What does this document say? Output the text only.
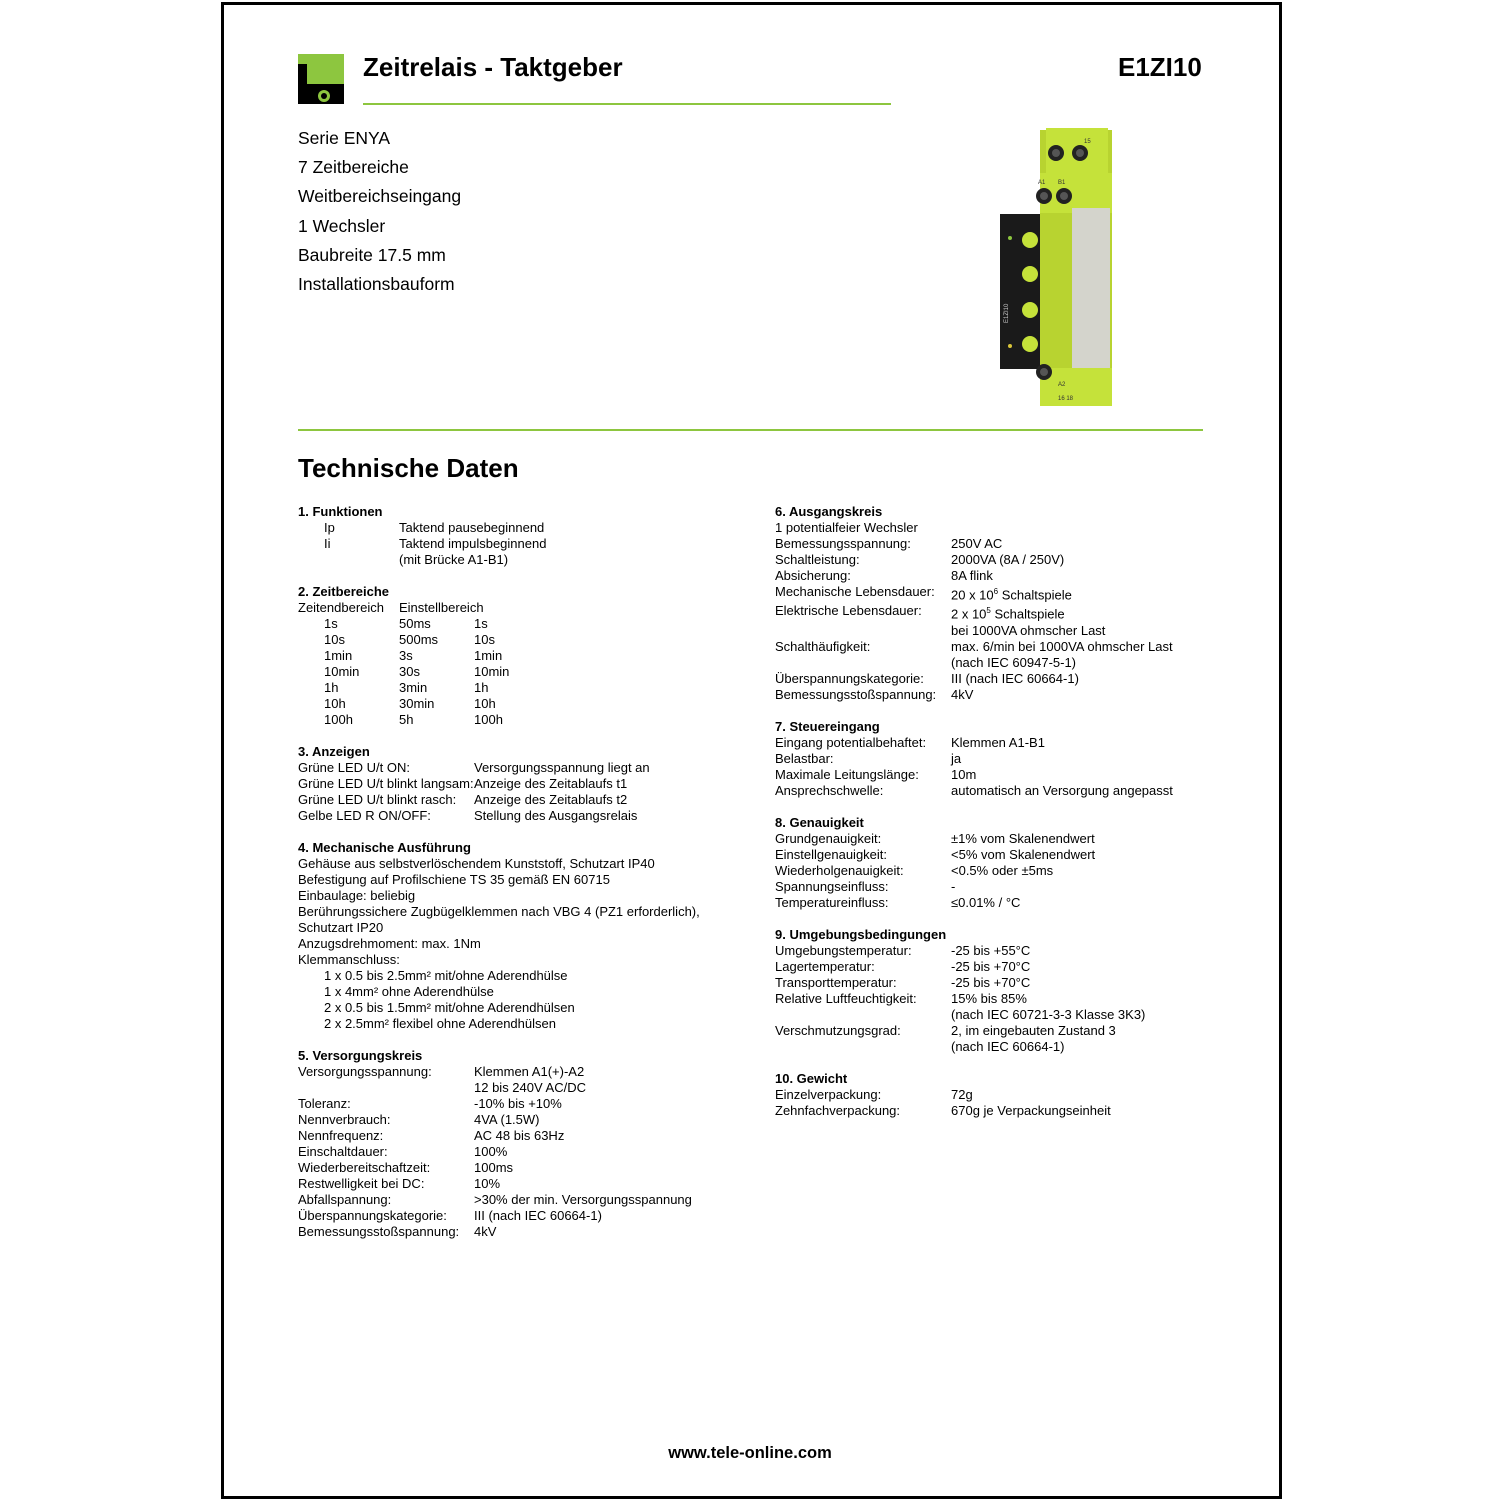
Zeitrelais - Taktgeber	E1ZI10
Serie ENYA
7 Zeitbereiche
Weitbereichseingang
1 Wechsler
Baubreite 17.5 mm
Installationsbauform
15
A1 B1
E1ZI10
A2
16 18
Technische Daten
1. Funktionen
Ip	Taktend pausebeginnend
Ii	Taktend impulsbeginnend
(mit Brücke A1-B1)
2. Zeitbereiche
Zeitendbereich	Einstellbereich
1s	50ms	1s
10s	500ms	10s
1min	3s	1min
10min	30s	10min
1h	3min	1h
10h	30min	10h
100h	5h	100h
3. Anzeigen
Grüne LED U/t ON:	Versorgungsspannung liegt an
Grüne LED U/t blinkt langsam: Anzeige des Zeitablaufs t1
Grüne LED U/t blinkt rasch:	Anzeige des Zeitablaufs t2
Gelbe LED R ON/OFF:	Stellung des Ausgangsrelais
4. Mechanische Ausführung
Gehäuse aus selbstverlöschendem Kunststoff, Schutzart IP40
Befestigung auf Profilschiene TS 35 gemäß EN 60715
Einbaulage: beliebig
Berührungssichere Zugbügelklemmen nach VBG 4 (PZ1 erforderlich),
Schutzart IP20
Anzugsdrehmoment: max. 1Nm
Klemmanschluss:
1 x 0.5 bis 2.5mm² mit/ohne Aderendhülse
1 x 4mm² ohne Aderendhülse
2 x 0.5 bis 1.5mm² mit/ohne Aderendhülsen
2 x 2.5mm² flexibel ohne Aderendhülsen
5. Versorgungskreis
Versorgungsspannung:	Klemmen A1(+)-A2
12 bis 240V AC/DC
Toleranz:	-10% bis +10%
Nennverbrauch:	4VA (1.5W)
Nennfrequenz:	AC 48 bis 63Hz
Einschaltdauer:	100%
Wiederbereitschaftzeit:	100ms
Restwelligkeit bei DC:	10%
Abfallspannung:	>30% der min. Versorgungsspannung
Überspannungskategorie:	III (nach IEC 60664-1)
Bemessungsstoßspannung:	4kV
6. Ausgangskreis
1 potentialfeier Wechsler
Bemessungsspannung:	250V AC
Schaltleistung:	2000VA (8A / 250V)
Absicherung:	8A flink
Mechanische Lebensdauer:	20 x $10^6$ Schaltspiele
Elektrische Lebensdauer:	2 x $10^5$ Schaltspiele
bei 1000VA ohmscher Last
Schalthäufigkeit:	max. 6/min bei 1000VA ohmscher Last
(nach IEC 60947-5-1)
Überspannungskategorie:	III (nach IEC 60664-1)
Bemessungsstoßspannung:	4kV
7. Steuereingang
Eingang potentialbehaftet:	Klemmen A1-B1
Belastbar:	ja
Maximale Leitungslänge:	10m
Ansprechschwelle:	automatisch an Versorgung angepasst
8. Genauigkeit
Grundgenauigkeit:	±1% vom Skalenendwert
Einstellgenauigkeit:	<5% vom Skalenendwert
Wiederholgenauigkeit:	<0.5% oder ±5ms
Spannungseinfluss:	-
Temperatureinfluss:	≤0.01% / °C
9. Umgebungsbedingungen
Umgebungstemperatur:	-25 bis +55°C
Lagertemperatur:	-25 bis +70°C
Transporttemperatur:	-25 bis +70°C
Relative Luftfeuchtigkeit:	15% bis 85%
(nach IEC 60721-3-3 Klasse 3K3)
Verschmutzungsgrad:	2, im eingebauten Zustand 3
(nach IEC 60664-1)
10. Gewicht
Einzelverpackung:	72g
Zehnfachverpackung:	670g je Verpackungseinheit
www.tele-online.com
